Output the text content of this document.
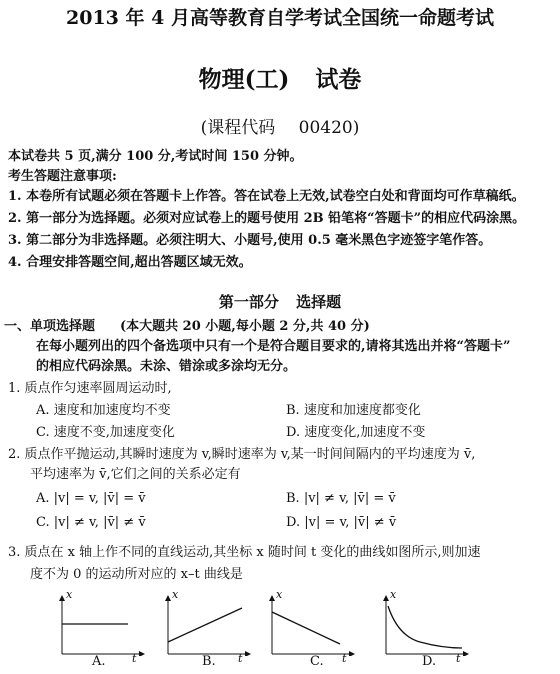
2013 年 4 月高等教育自学考试全国统一命题考试
物理(工) 试卷
(课程代码 00420)
本试卷共 5 页,满分 100 分,考试时间 150 分钟。
考生答题注意事项:
1. 本卷所有试题必须在答题卡上作答。答在试卷上无效,试卷空白处和背面均可作草稿纸。
2. 第一部分为选择题。必须对应试卷上的题号使用 2B 铅笔将“答题卡”的相应代码涂黑。
3. 第二部分为非选择题。必须注明大、小题号,使用 0.5 毫米黑色字迹签字笔作答。
4. 合理安排答题空间,超出答题区域无效。
第一部分 选择题
一、单项选择题 (本大题共 20 小题,每小题 2 分,共 40 分)
在每小题列出的四个备选项中只有一个是符合题目要求的,请将其选出并将“答题卡”
的相应代码涂黑。未涂、错涂或多涂均无分。
1. 质点作匀速率圆周运动时,
A. 速度和加速度均不变	B. 速度和加速度都变化
C. 速度不变,加速度变化	D. 速度变化,加速度不变
2. 质点作平抛运动,其瞬时速度为 v,瞬时速率为 v,某一时间间隔内的平均速度为 v̄,
平均速率为 v̄,它们之间的关系必定有
A. |v| = v, |v̄| = v̄	B. |v| ≠ v, |v̄| = v̄
C. |v| ≠ v, |v̄| ≠ v̄	D. |v| = v, |v̄| ≠ v̄
3. 质点在 x 轴上作不同的直线运动,其坐标 x 随时间 t 变化的曲线如图所示,则加速
度不为 0 的运动所对应的 x–t 曲线是
x
t
A.
x
t
B.
x
t
C.
x
t
D.
